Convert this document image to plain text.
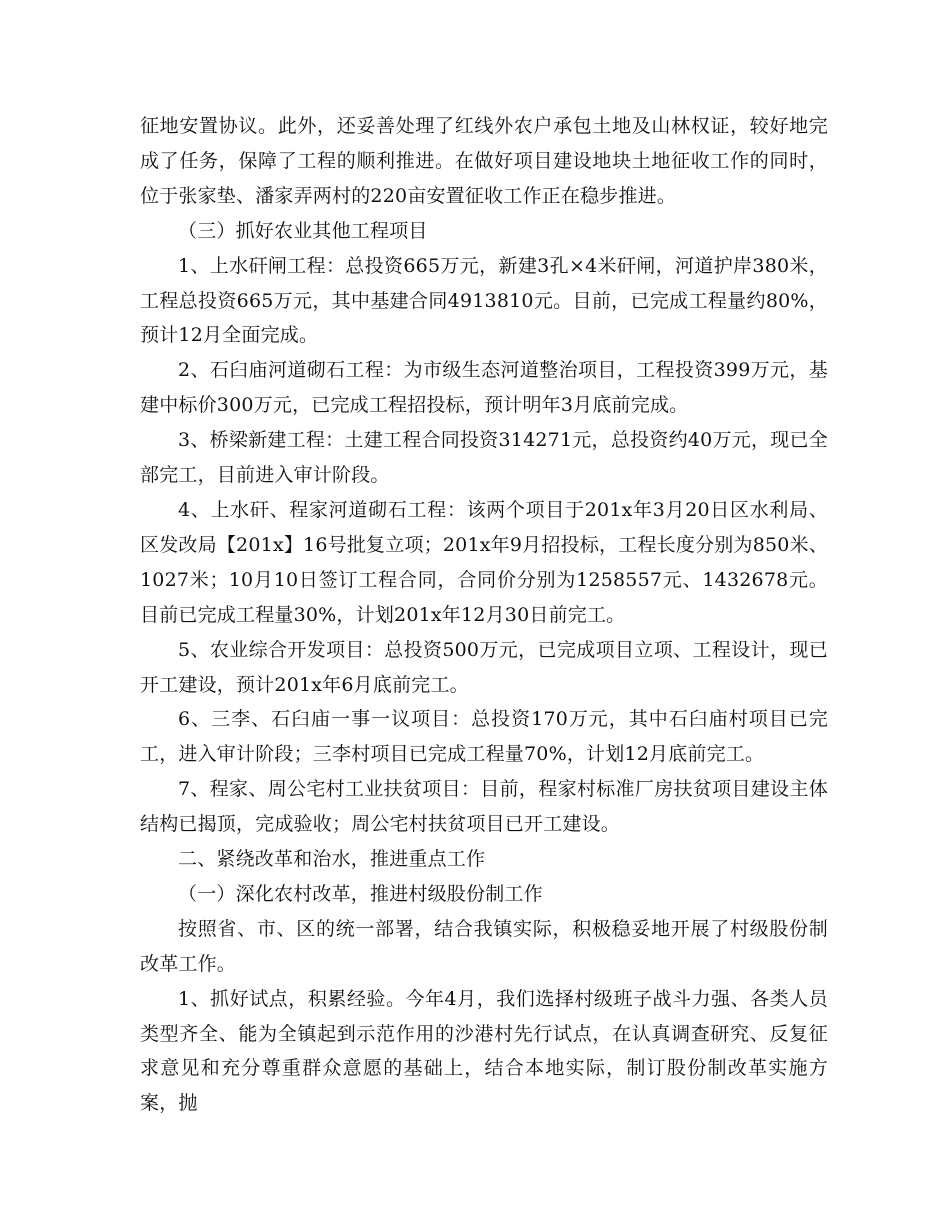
征地安置协议。此外，还妥善处理了红线外农户承包土地及山林权证，较好地完成了任务，保障了工程的顺利推进。在做好项目建设地块土地征收工作的同时，位于张家垫、潘家弄两村的220亩安置征收工作正在稳步推进。

（三）抓好农业其他工程项目

1、上水矸闸工程：总投资665万元，新建3孔×4米矸闸，河道护岸380米，工程总投资665万元，其中基建合同4913810元。目前，已完成工程量约80%，预计12月全面完成。

2、石臼庙河道砌石工程：为市级生态河道整治项目，工程投资399万元，基建中标价300万元，已完成工程招投标，预计明年3月底前完成。

3、桥梁新建工程：土建工程合同投资314271元，总投资约40万元，现已全部完工，目前进入审计阶段。

4、上水矸、程家河道砌石工程：该两个项目于201x年3月20日区水利局、区发改局【201x】16号批复立项；201x年9月招投标，工程长度分别为850米、1027米；10月10日签订工程合同，合同价分别为1258557元、1432678元。目前已完成工程量30%，计划201x年12月30日前完工。

5、农业综合开发项目：总投资500万元，已完成项目立项、工程设计，现已开工建设，预计201x年6月底前完工。

6、三李、石臼庙一事一议项目：总投资170万元，其中石臼庙村项目已完工，进入审计阶段；三李村项目已完成工程量70%，计划12月底前完工。

7、程家、周公宅村工业扶贫项目：目前，程家村标准厂房扶贫项目建设主体结构已揭顶，完成验收；周公宅村扶贫项目已开工建设。

二、紧绕改革和治水，推进重点工作

（一）深化农村改革，推进村级股份制工作

按照省、市、区的统一部署，结合我镇实际，积极稳妥地开展了村级股份制改革工作。

1、抓好试点，积累经验。今年4月，我们选择村级班子战斗力强、各类人员类型齐全、能为全镇起到示范作用的沙港村先行试点，在认真调查研究、反复征求意见和充分尊重群众意愿的基础上，结合本地实际，制订股份制改革实施方案，抛
